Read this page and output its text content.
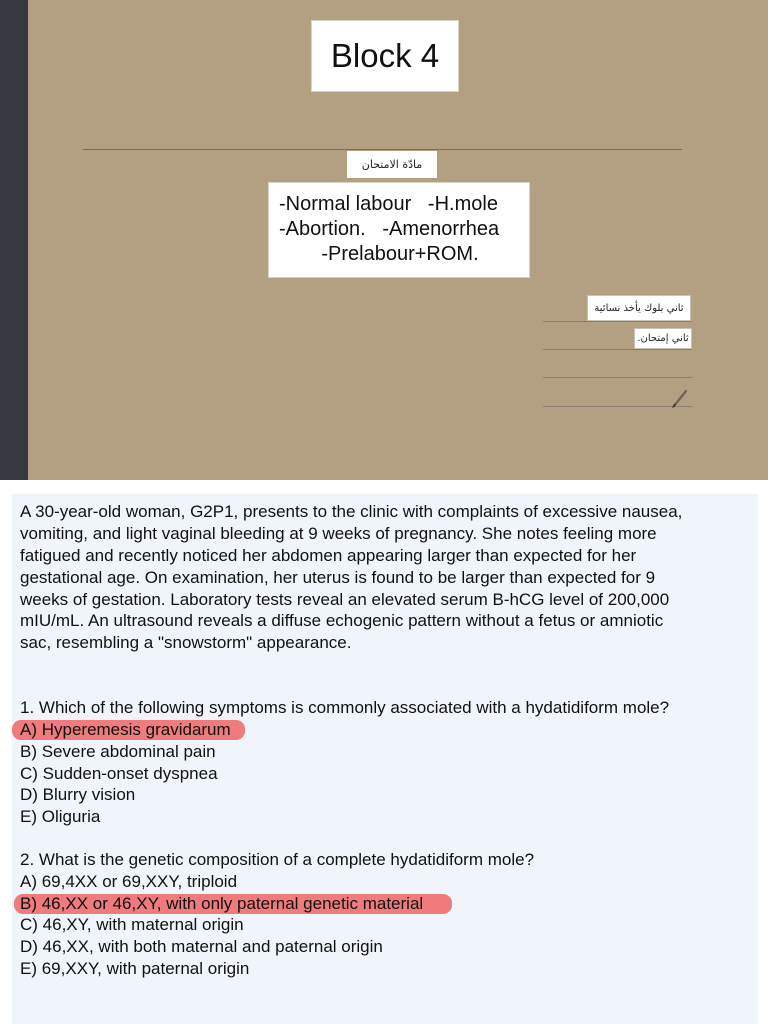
Block 4
مادّة الامتحان
-Normal labour   -H.mole
-Abortion.   -Amenorrhea
-Prelabour+ROM.
ثاني بلوك يأخذ نسائية
ثاني إمتحان.
A 30-year-old woman, G2P1, presents to the clinic with complaints of excessive nausea,
vomiting, and light vaginal bleeding at 9 weeks of pregnancy. She notes feeling more
fatigued and recently noticed her abdomen appearing larger than expected for her
gestational age. On examination, her uterus is found to be larger than expected for 9
weeks of gestation. Laboratory tests reveal an elevated serum B-hCG level of 200,000
mIU/mL. An ultrasound reveals a diffuse echogenic pattern without a fetus or amniotic
sac, resembling a "snowstorm" appearance.
1. Which of the following symptoms is commonly associated with a hydatidiform mole?
A) Hyperemesis gravidarum
B) Severe abdominal pain
C) Sudden-onset dyspnea
D) Blurry vision
E) Oliguria
2. What is the genetic composition of a complete hydatidiform mole?
A) 69,4XX or 69,XXY, triploid
B) 46,XX or 46,XY, with only paternal genetic material
C) 46,XY, with maternal origin
D) 46,XX, with both maternal and paternal origin
E) 69,XXY, with paternal origin
